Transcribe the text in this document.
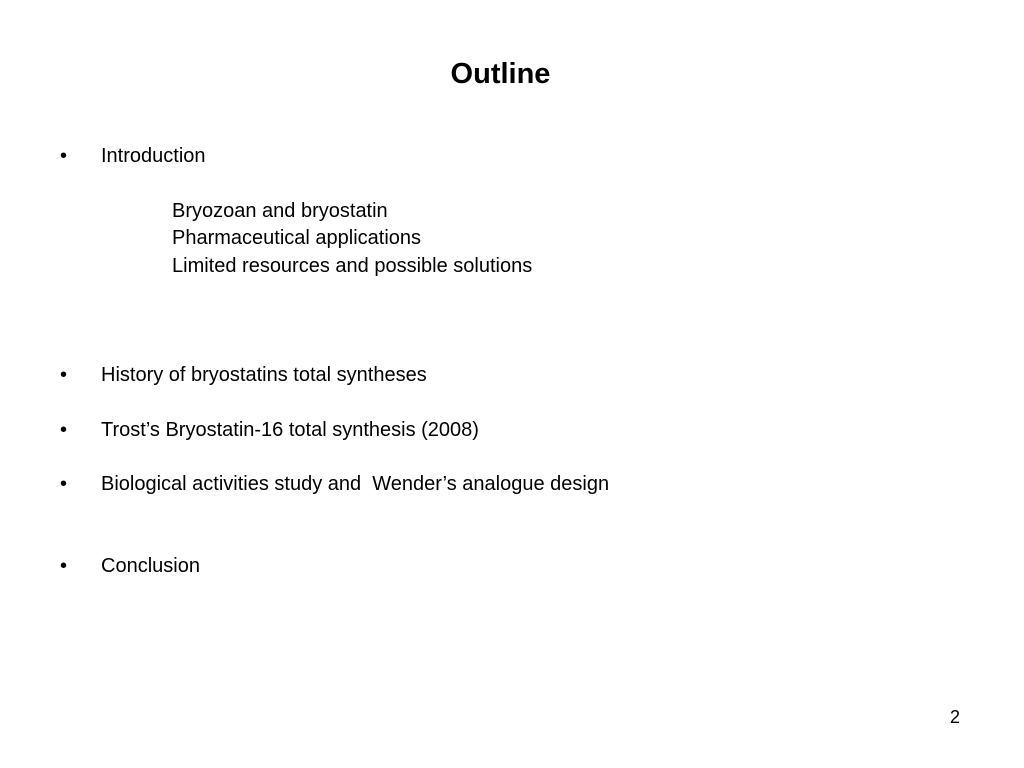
Outline
• Introduction
Bryozoan and bryostatin
Pharmaceutical applications
Limited resources and possible solutions
• History of bryostatins total syntheses
• Trost’s Bryostatin-16 total synthesis (2008)
• Biological activities study and  Wender’s analogue design
• Conclusion
2
